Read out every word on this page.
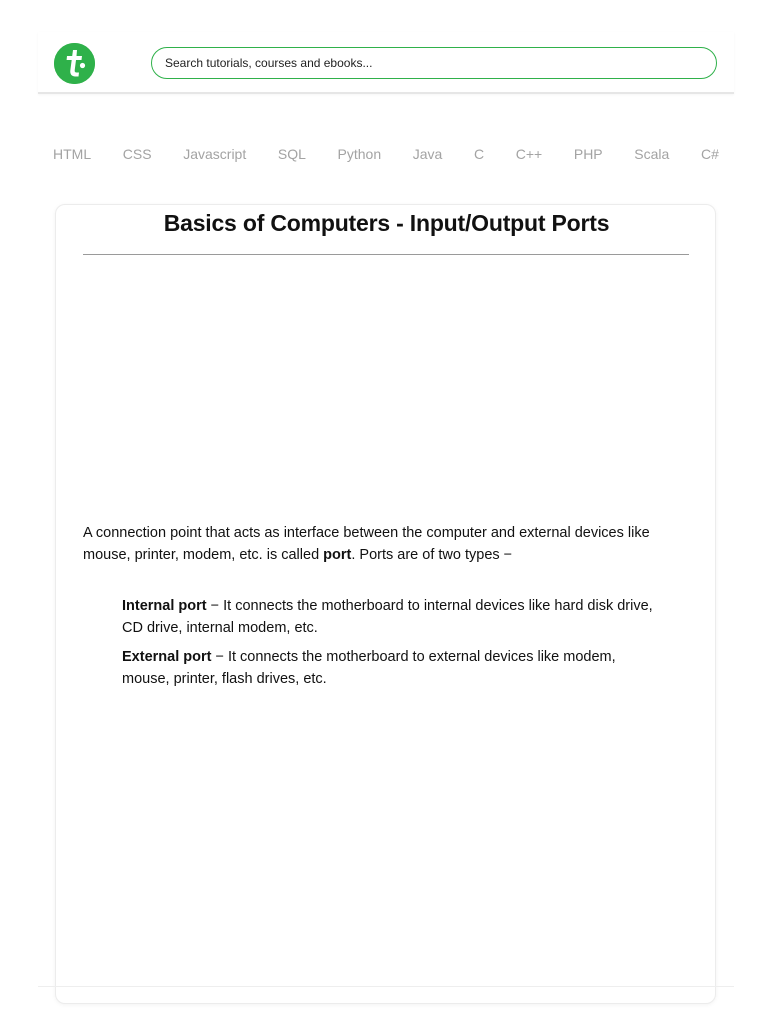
Search tutorials, courses and ebooks...
HTML CSS Javascript SQL Python Java C C++ PHP Scala C#
Basics of Computers - Input/Output Ports

A connection point that acts as interface between the computer and external devices like mouse, printer, modem, etc. is called port. Ports are of two types −

Internal port − It connects the motherboard to internal devices like hard disk drive, CD drive, internal modem, etc.
External port − It connects the motherboard to external devices like modem, mouse, printer, flash drives, etc.
